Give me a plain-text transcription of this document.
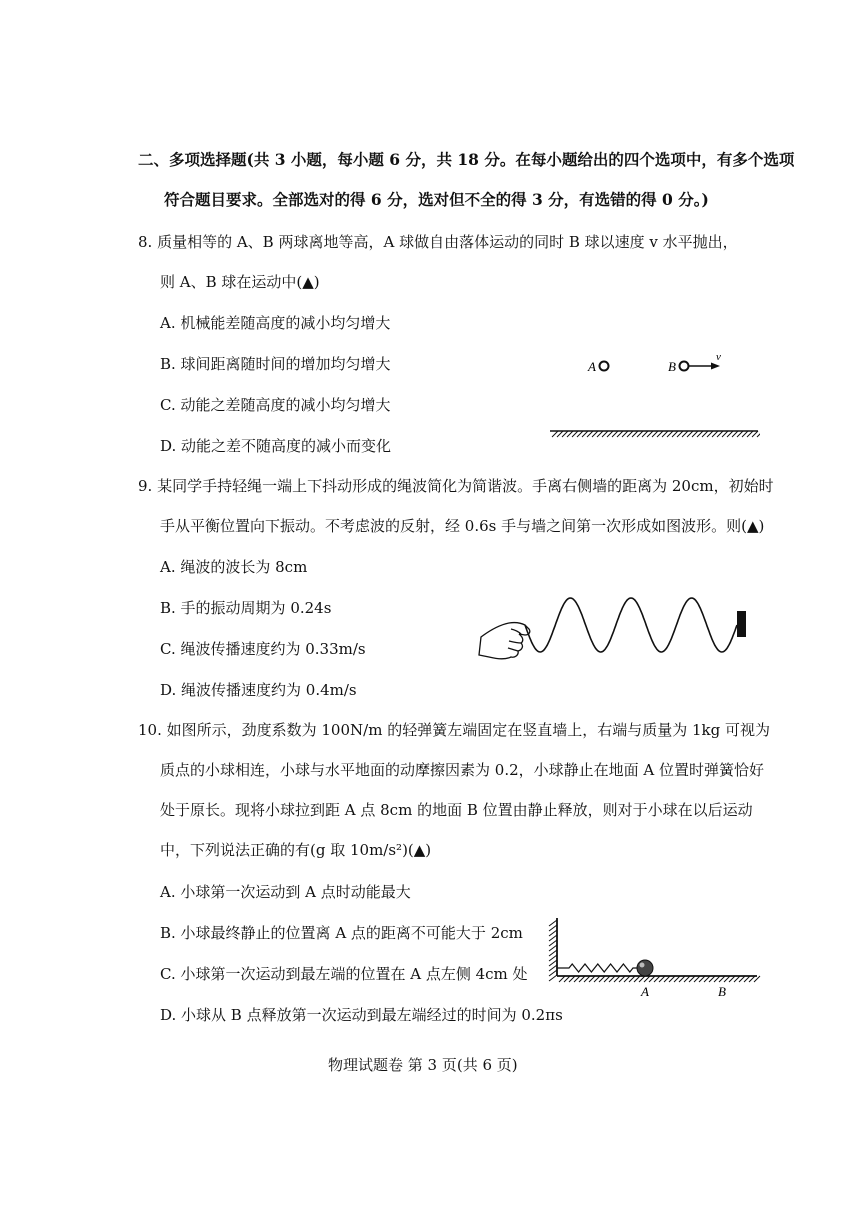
二、多项选择题(共 3 小题，每小题 6 分，共 18 分。在每小题给出的四个选项中，有多个选项
符合题目要求。全部选对的得 6 分，选对但不全的得 3 分，有选错的得 0 分。)
8. 质量相等的 A、B 两球离地等高，A 球做自由落体运动的同时 B 球以速度 v 水平抛出，
则 A、B 球在运动中(▲)
A. 机械能差随高度的减小均匀增大
B. 球间距离随时间的增加均匀增大
C. 动能之差随高度的减小均匀增大
D. 动能之差不随高度的减小而变化
A	B
v
9. 某同学手持轻绳一端上下抖动形成的绳波简化为简谐波。手离右侧墙的距离为 20cm，初始时
手从平衡位置向下振动。不考虑波的反射，经 0.6s 手与墙之间第一次形成如图波形。则(▲)
A. 绳波的波长为 8cm
B. 手的振动周期为 0.24s
C. 绳波传播速度约为 0.33m/s
D. 绳波传播速度约为 0.4m/s
10. 如图所示，劲度系数为 100N/m 的轻弹簧左端固定在竖直墙上，右端与质量为 1kg 可视为
质点的小球相连，小球与水平地面的动摩擦因素为 0.2，小球静止在地面 A 位置时弹簧恰好
处于原长。现将小球拉到距 A 点 8cm 的地面 B 位置由静止释放，则对于小球在以后运动
中，下列说法正确的有(g 取 10m/s²)(▲)
A. 小球第一次运动到 A 点时动能最大
B. 小球最终静止的位置离 A 点的距离不可能大于 2cm
C. 小球第一次运动到最左端的位置在 A 点左侧 4cm 处
D. 小球从 B 点释放第一次运动到最左端经过的时间为 0.2πs
A	B
物理试题卷 第 3 页(共 6 页)
